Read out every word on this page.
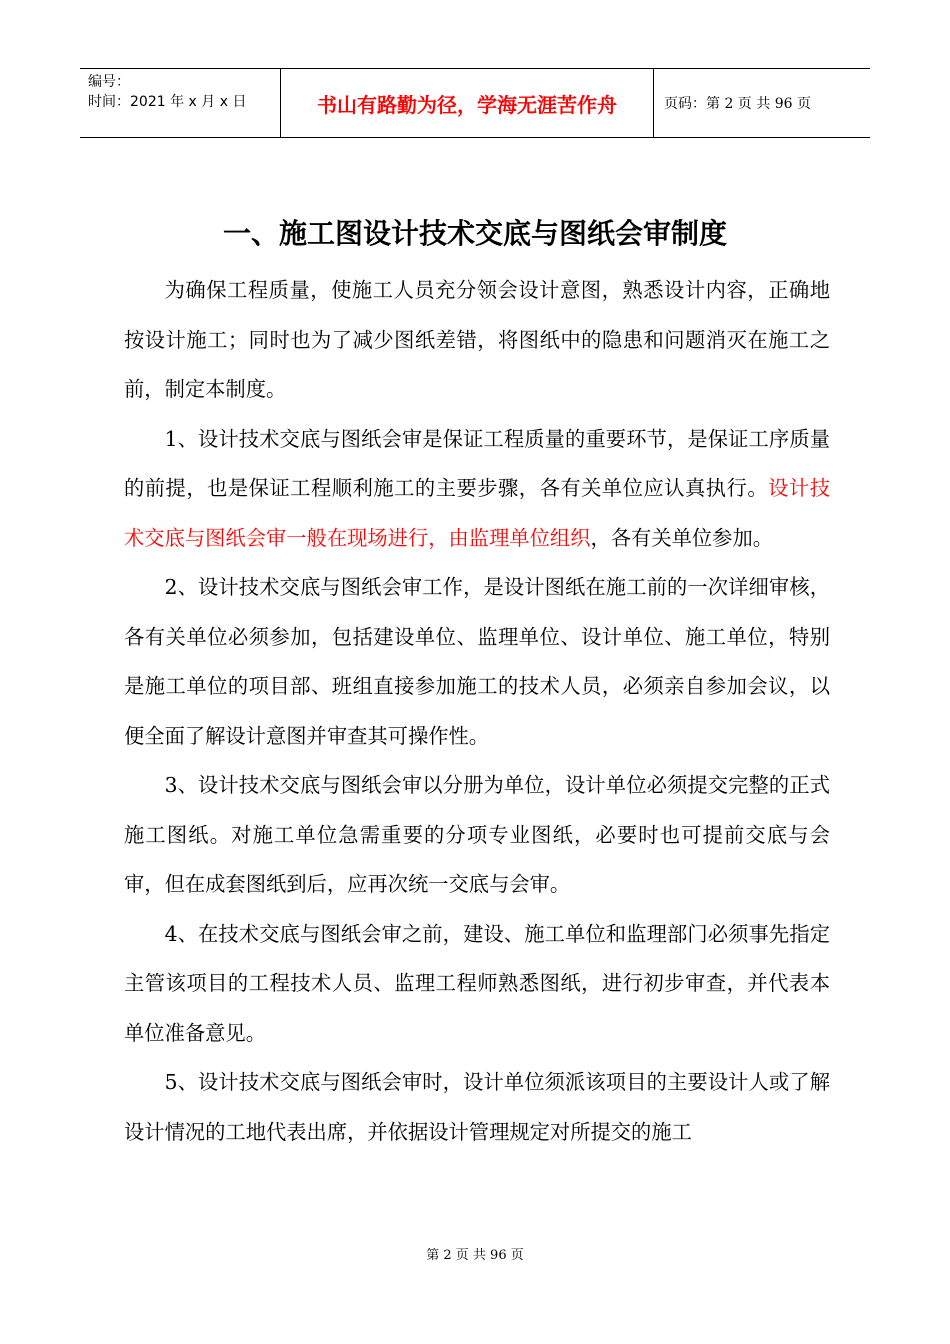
编号：
时间：2021 年 x 月 x 日	书山有路勤为径，学海无涯苦作舟	页码：第 2 页 共 96 页
一、施工图设计技术交底与图纸会审制度

为确保工程质量，使施工人员充分领会设计意图，熟悉设计内容，正确地按设计施工；同时也为了减少图纸差错，将图纸中的隐患和问题消灭在施工之前，制定本制度。

1、设计技术交底与图纸会审是保证工程质量的重要环节，是保证工序质量的前提，也是保证工程顺利施工的主要步骤，各有关单位应认真执行。设计技术交底与图纸会审一般在现场进行，由监理单位组织，各有关单位参加。

2、设计技术交底与图纸会审工作，是设计图纸在施工前的一次详细审核，各有关单位必须参加，包括建设单位、监理单位、设计单位、施工单位，特别是施工单位的项目部、班组直接参加施工的技术人员，必须亲自参加会议，以便全面了解设计意图并审查其可操作性。

3、设计技术交底与图纸会审以分册为单位，设计单位必须提交完整的正式施工图纸。对施工单位急需重要的分项专业图纸，必要时也可提前交底与会审，但在成套图纸到后，应再次统一交底与会审。

4、在技术交底与图纸会审之前，建设、施工单位和监理部门必须事先指定主管该项目的工程技术人员、监理工程师熟悉图纸，进行初步审查，并代表本单位准备意见。

5、设计技术交底与图纸会审时，设计单位须派该项目的主要设计人或了解设计情况的工地代表出席，并依据设计管理规定对所提交的施工

第 2 页 共 96 页
